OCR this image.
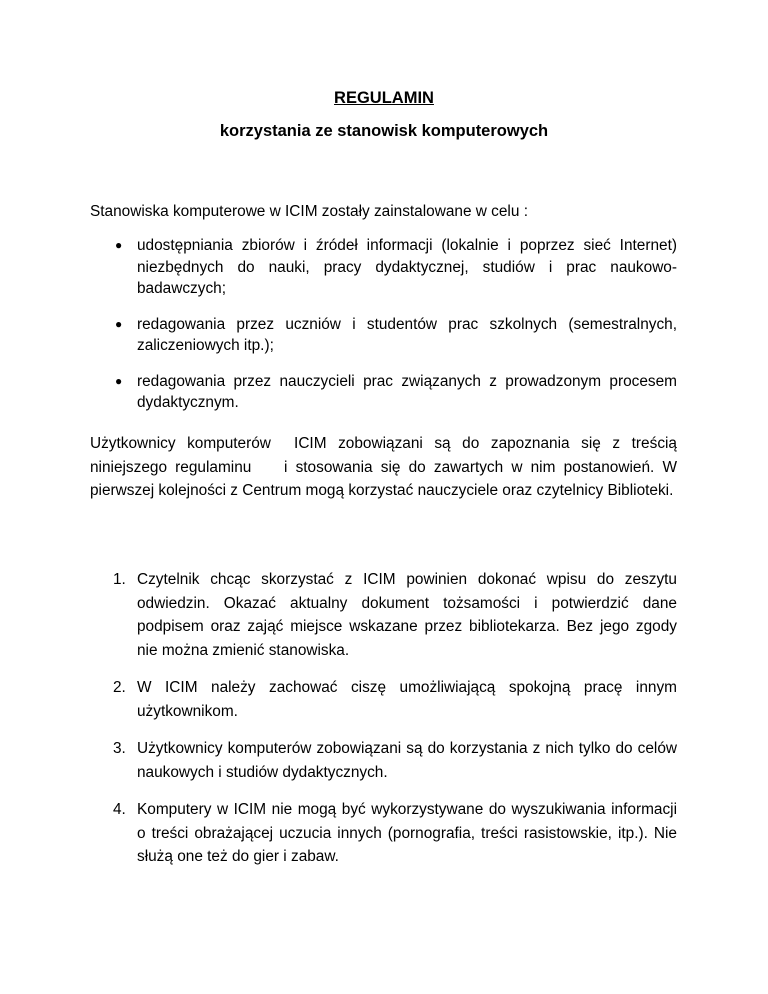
REGULAMIN
korzystania ze stanowisk komputerowych
Stanowiska komputerowe w ICIM zostały zainstalowane w celu :
● udostępniania zbiorów i źródeł informacji (lokalnie i poprzez sieć Internet) niezbędnych do nauki, pracy dydaktycznej, studiów i prac naukowo-badawczych;
● redagowania przez uczniów i studentów prac szkolnych (semestralnych, zaliczeniowych itp.);
● redagowania przez nauczycieli prac związanych z prowadzonym procesem dydaktycznym.

Użytkownicy komputerów  ICIM zobowiązani są do zapoznania się z treścią niniejszego regulaminu    i stosowania się do zawartych w nim postanowień. W pierwszej kolejności z Centrum mogą korzystać nauczyciele oraz czytelnicy Biblioteki.

1. Czytelnik chcąc skorzystać z ICIM powinien dokonać wpisu do zeszytu odwiedzin. Okazać aktualny dokument tożsamości i potwierdzić dane podpisem oraz zająć miejsce wskazane przez bibliotekarza. Bez jego zgody nie można zmienić stanowiska.
2. W ICIM należy zachować ciszę umożliwiającą spokojną pracę innym użytkownikom.
3. Użytkownicy komputerów zobowiązani są do korzystania z nich tylko do celów naukowych i studiów dydaktycznych.
4. Komputery w ICIM nie mogą być wykorzystywane do wyszukiwania informacji o treści obrażającej uczucia innych (pornografia, treści rasistowskie, itp.). Nie służą one też do gier i zabaw.
